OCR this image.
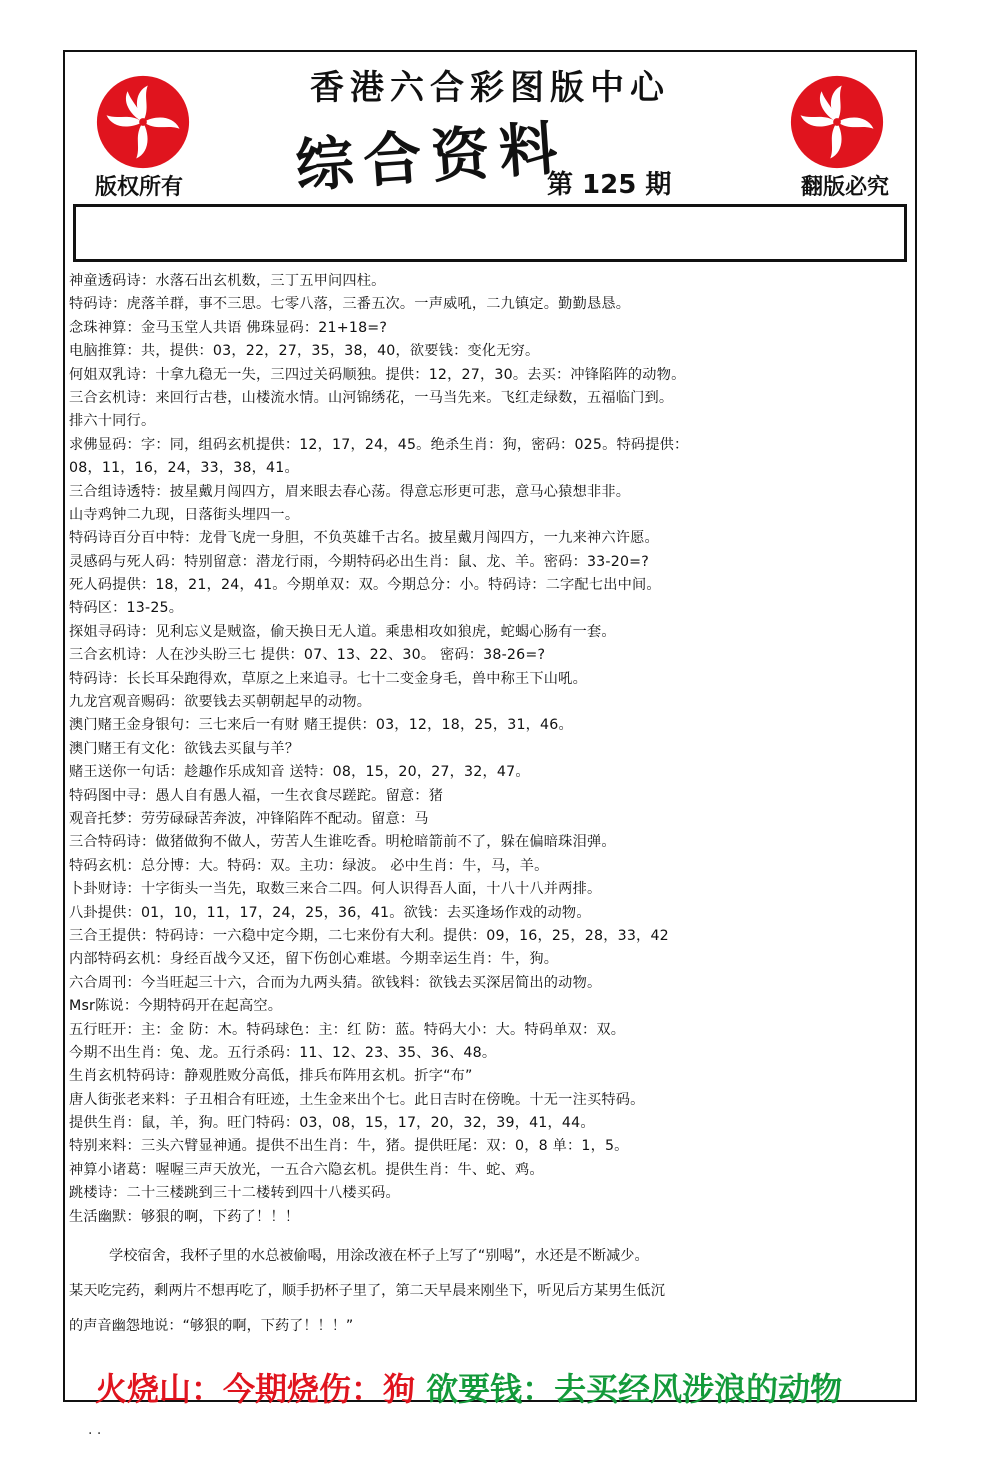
香港六合彩图版中心
综合资料
第 125 期
版权所有	翻版必究
神童透码诗：水落石出玄机数，三丁五甲问四柱。
特码诗：虎落羊群，事不三思。七零八落，三番五次。一声威吼，二九镇定。勤勤恳恳。
念珠神算：金马玉堂人共语 佛珠显码：21+18=?
电脑推算：共，提供：03，22，27，35，38，40，欲要钱：变化无穷。
何姐双乳诗：十拿九稳无一失，三四过关码顺独。提供：12，27，30。去买：冲锋陷阵的动物。
三合玄机诗：来回行古巷，山楼流水情。山河锦绣花，一马当先来。飞红走绿数，五福临门到。
排六十同行。
求佛显码：字：同，组码玄机提供：12，17，24，45。绝杀生肖：狗，密码：025。特码提供：
08，11，16，24，33，38，41。
三合组诗透特：披星戴月闯四方，眉来眼去春心荡。得意忘形更可悲，意马心猿想非非。
山寺鸡钟二九现，日落街头埋四一。
特码诗百分百中特：龙骨飞虎一身胆，不负英雄千古名。披星戴月闯四方，一九来神六许愿。
灵感码与死人码：特别留意：潜龙行雨，今期特码必出生肖：鼠、龙、羊。密码：33-20=?
死人码提供：18，21，24，41。今期单双：双。今期总分：小。特码诗：二字配七出中间。
特码区：13-25。
探姐寻码诗：见利忘义是贼盗，偷天换日无人道。乘患相攻如狼虎，蛇蝎心肠有一套。
三合玄机诗：人在沙头盼三七 提供：07、13、22、30。 密码：38-26=?
特码诗：长长耳朵跑得欢，草原之上来追寻。七十二变金身毛，兽中称王下山吼。
九龙宫观音赐码：欲要钱去买朝朝起早的动物。
澳门赌王金身银句：三七来后一有财 赌王提供：03，12，18，25，31，46。
澳门赌王有文化：欲钱去买鼠与羊？
赌王送你一句话：趁趣作乐成知音 送特：08，15，20，27，32，47。
特码图中寻：愚人自有愚人福，一生衣食尽蹉跎。留意：猪
观音托梦：劳劳碌碌苦奔波，冲锋陷阵不配动。留意：马
三合特码诗：做猪做狗不做人，劳苦人生谁吃香。明枪暗箭前不了，躲在偏暗珠泪弹。
特码玄机：总分博：大。特码：双。主功：绿波。 必中生肖：牛，马，羊。
卜卦财诗：十字街头一当先，取数三来合二四。何人识得吾人面，十八十八并两排。
八卦提供：01，10，11，17，24，25，36，41。欲钱：去买逢场作戏的动物。
三合王提供：特码诗：一六稳中定今期，二七来份有大利。提供：09，16，25，28，33，42
内部特码玄机：身经百战今又还，留下伤创心难堪。今期幸运生肖：牛，狗。
六合周刊：今当旺起三十六，合而为九两头猜。欲钱料：欲钱去买深居简出的动物。
Msr陈说：今期特码开在起高空。
五行旺开：主：金 防：木。特码球色：主：红 防：蓝。特码大小：大。特码单双：双。
今期不出生肖：兔、龙。五行杀码：11、12、23、35、36、48。
生肖玄机特码诗：静观胜败分高低，排兵布阵用玄机。折字“布”
唐人街张老来料：子丑相合有旺迹，土生金来出个七。此日吉时在傍晚。十无一注买特码。
提供生肖：鼠，羊，狗。旺门特码：03，08，15，17，20，32，39，41，44。
特别来料：三头六臂显神通。提供不出生肖：牛，猪。提供旺尾：双：0，8 单：1，5。
神算小诸葛：喔喔三声天放光，一五合六隐玄机。提供生肖：牛、蛇、鸡。
跳楼诗：二十三楼跳到三十二楼转到四十八楼买码。
生活幽默：够狠的啊，下药了！！！
学校宿舍，我杯子里的水总被偷喝，用涂改液在杯子上写了“别喝”，水还是不断减少。
某天吃完药，剩两片不想再吃了，顺手扔杯子里了，第二天早晨来刚坐下，听见后方某男生低沉
的声音幽怨地说：“够狠的啊，下药了！！！”
火烧山：今期烧伤：狗 欲要钱：去买经风涉浪的动物
. .
